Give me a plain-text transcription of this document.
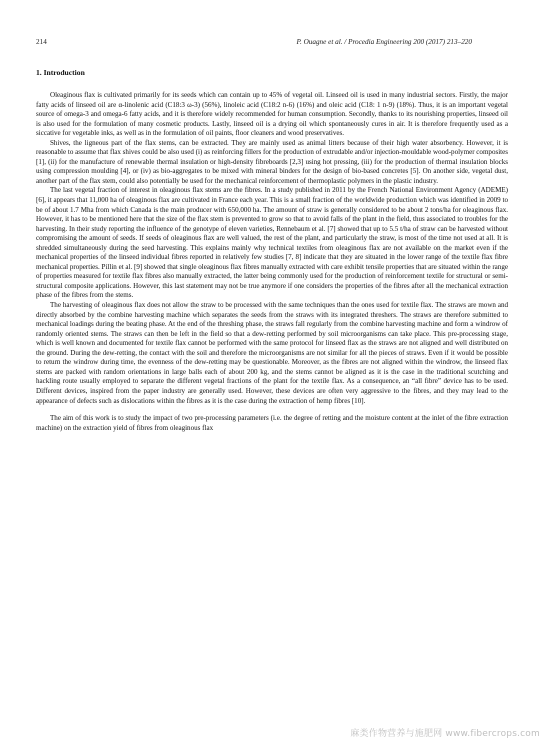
214	P. Ouagne et al. / Procedia Engineering 200 (2017) 213–220
1. Introduction

Oleaginous flax is cultivated primarily for its seeds which can contain up to 45% of vegetal oil. Linseed oil is used in many industrial sectors. Firstly, the major fatty acids of linseed oil are α-linolenic acid (C18:3 ω-3) (56%), linoleic acid (C18:2 n-6) (16%) and oleic acid (C18: 1 n-9) (18%). Thus, it is an important vegetal source of omega-3 and omega-6 fatty acids, and it is therefore widely recommended for human consumption. Secondly, thanks to its nourishing properties, linseed oil is also used for the formulation of many cosmetic products. Lastly, linseed oil is a drying oil which spontaneously cures in air. It is therefore frequently used as a siccative for vegetable inks, as well as in the formulation of oil paints, floor cleaners and wood preservatives.

Shives, the ligneous part of the flax stems, can be extracted. They are mainly used as animal litters because of their high water absorbency. However, it is reasonable to assume that flax shives could be also used (i) as reinforcing fillers for the production of extrudable and/or injection-mouldable wood-polymer composites [1], (ii) for the manufacture of renewable thermal insulation or high-density fibreboards [2,3] using hot pressing, (iii) for the production of thermal insulation blocks using compression moulding [4], or (iv) as bio-aggregates to be mixed with mineral binders for the design of bio-based concretes [5]. On another side, vegetal dust, another part of the flax stem, could also potentially be used for the mechanical reinforcement of thermoplastic polymers in the plastic industry.

The last vegetal fraction of interest in oleaginous flax stems are the fibres. In a study published in 2011 by the French National Environment Agency (ADEME) [6], it appears that 11,000 ha of oleaginous flax are cultivated in France each year. This is a small fraction of the worldwide production which was identified in 2009 to be of about 1.7 Mha from which Canada is the main producer with 650,000 ha. The amount of straw is generally considered to be about 2 tons/ha for oleaginous flax. However, it has to be mentioned here that the size of the flax stem is prevented to grow so that to avoid falls of the plant in the field, thus associated to troubles for the harvesting. In their study reporting the influence of the genotype of eleven varieties, Rennebaum et al. [7] showed that up to 5.5 t/ha of straw can be harvested without compromising the amount of seeds. If seeds of oleaginous flax are well valued, the rest of the plant, and particularly the straw, is most of the time not used at all. It is shredded simultaneously during the seed harvesting. This explains mainly why technical textiles from oleaginous flax are not available on the market even if the mechanical properties of the linseed individual fibres reported in relatively few studies [7, 8] indicate that they are situated in the lower range of the textile flax fibre mechanical properties. Pillin et al. [9] showed that single oleaginous flax fibres manually extracted with care exhibit tensile properties that are situated within the range of properties measured for textile flax fibres also manually extracted, the latter being commonly used for the production of reinforcement textile for structural or semi-structural composite applications. However, this last statement may not be true anymore if one considers the properties of the fibres after all the mechanical extraction phase of the fibres from the stems.

The harvesting of oleaginous flax does not allow the straw to be processed with the same techniques than the ones used for textile flax. The straws are mown and directly absorbed by the combine harvesting machine which separates the seeds from the straws with its integrated threshers. The straws are therefore submitted to mechanical loadings during the beating phase. At the end of the threshing phase, the straws fall regularly from the combine harvesting machine and form a windrow of randomly oriented stems. The straws can then be left in the field so that a dew-retting performed by soil microorganisms can take place. This pre-processing stage, which is well known and documented for textile flax cannot be performed with the same protocol for linseed flax as the straws are not aligned and well distributed on the ground. During the dew-retting, the contact with the soil and therefore the microorganisms are not similar for all the pieces of straws. Even if it would be possible to return the windrow during time, the evenness of the dew-retting may be questionable. Moreover, as the fibres are not aligned within the windrow, the linseed flax stems are packed with random orientations in large balls each of about 200 kg, and the stems cannot be aligned as it is the case in the traditional scutching and hackling route usually employed to separate the different vegetal fractions of the plant for the textile flax. As a consequence, an “all fibre” device has to be used. Different devices, inspired from the paper industry are generally used. However, these devices are often very aggressive to the fibres, and they may lead to the appearance of defects such as dislocations within the fibres as it is the case during the extraction of hemp fibres [10].

The aim of this work is to study the impact of two pre-processing parameters (i.e. the degree of retting and the moisture content at the inlet of the fibre extraction machine) on the extraction yield of fibres from oleaginous flax

麻类作物营养与施肥网 www.fibercrops.com
